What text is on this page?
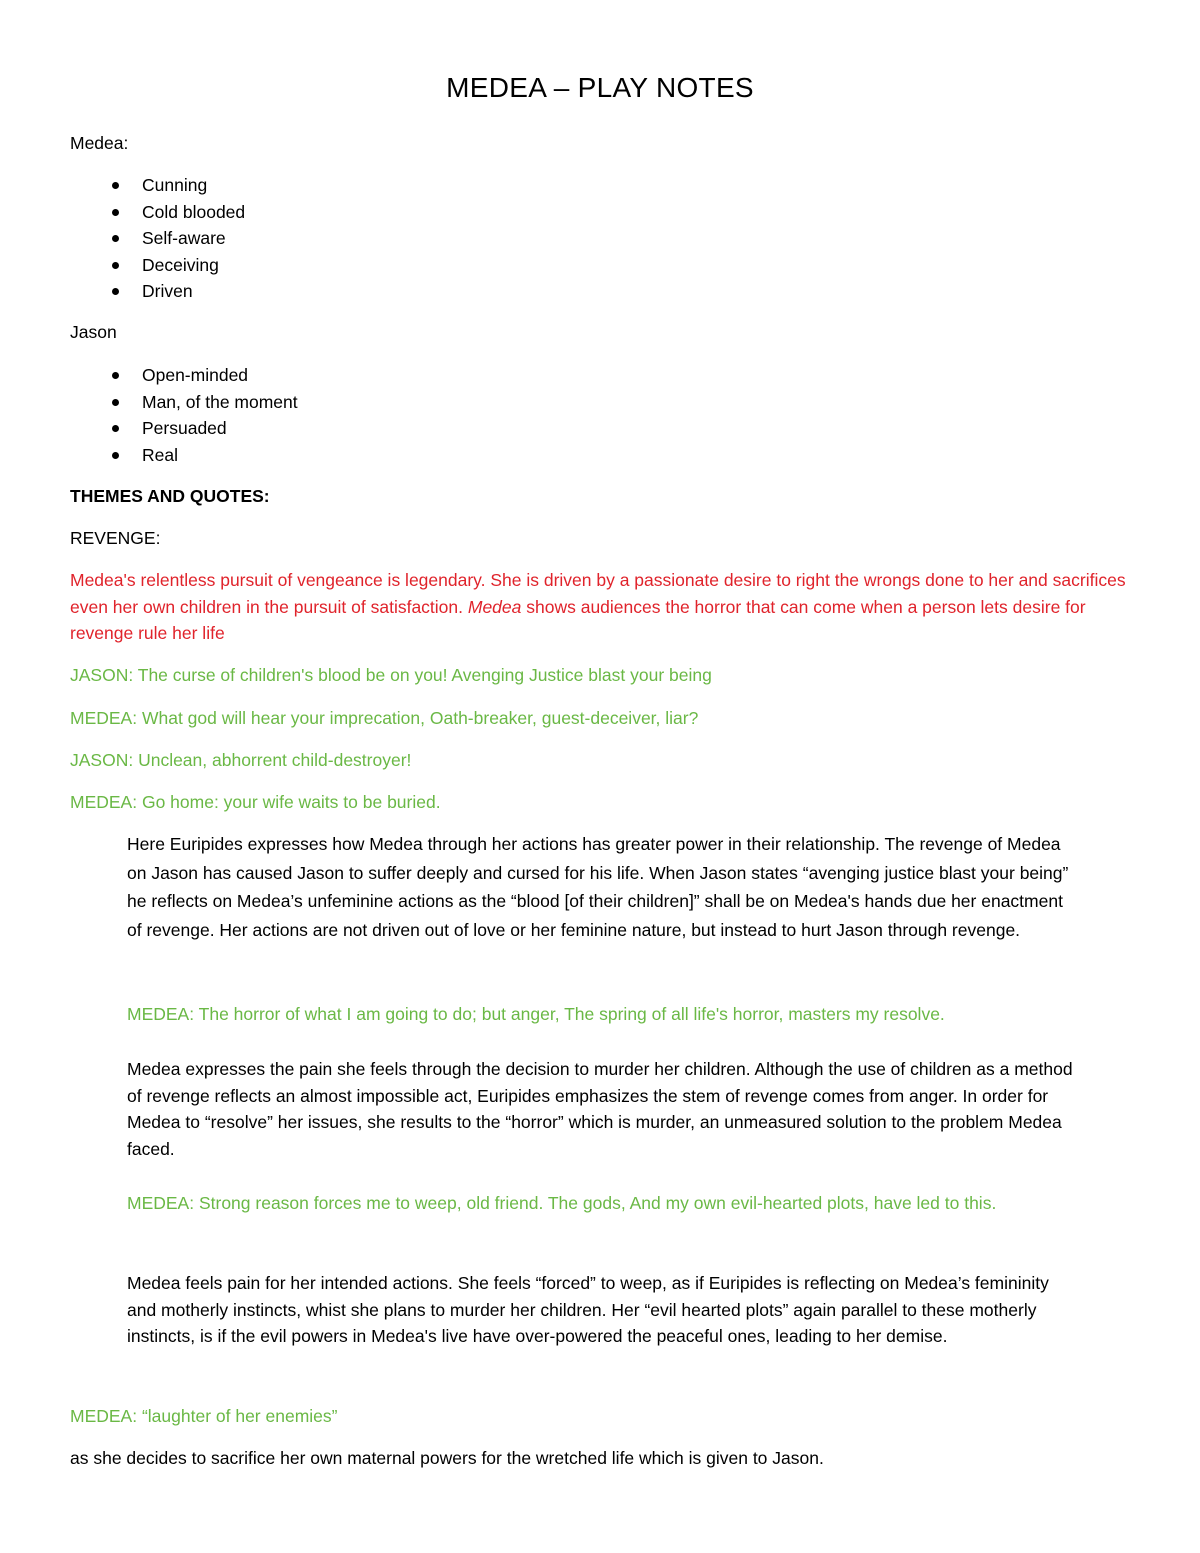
MEDEA – PLAY NOTES

Medea:

Cunning
Cold blooded
Self-aware
Deceiving
Driven

Jason

Open-minded
Man, of the moment
Persuaded
Real

THEMES AND QUOTES:

REVENGE:

Medea's relentless pursuit of vengeance is legendary. She is driven by a passionate desire to right the wrongs done to her and sacrifices even her own children in the pursuit of satisfaction. Medea shows audiences the horror that can come when a person lets desire for revenge rule her life

JASON: The curse of children's blood be on you! Avenging Justice blast your being

MEDEA: What god will hear your imprecation, Oath-breaker, guest-deceiver, liar?

JASON: Unclean, abhorrent child-destroyer!

MEDEA: Go home: your wife waits to be buried.

Here Euripides expresses how Medea through her actions has greater power in their relationship. The revenge of Medea on Jason has caused Jason to suffer deeply and cursed for his life. When Jason states “avenging justice blast your being” he reflects on Medea’s unfeminine actions as the “blood [of their children]” shall be on Medea's hands due her enactment of revenge. Her actions are not driven out of love or her feminine nature, but instead to hurt Jason through revenge.

MEDEA: The horror of what I am going to do; but anger, The spring of all life's horror, masters my resolve.

Medea expresses the pain she feels through the decision to murder her children. Although the use of children as a method of revenge reflects an almost impossible act, Euripides emphasizes the stem of revenge comes from anger. In order for Medea to “resolve” her issues, she results to the “horror” which is murder, an unmeasured solution to the problem Medea faced.

MEDEA: Strong reason forces me to weep, old friend. The gods, And my own evil-hearted plots, have led to this.

Medea feels pain for her intended actions. She feels “forced” to weep, as if Euripides is reflecting on Medea’s femininity and motherly instincts, whist she plans to murder her children. Her “evil hearted plots” again parallel to these motherly instincts, is if the evil powers in Medea's live have over-powered the peaceful ones, leading to her demise.

MEDEA: “laughter of her enemies”

as she decides to sacrifice her own maternal powers for the wretched life which is given to Jason.
